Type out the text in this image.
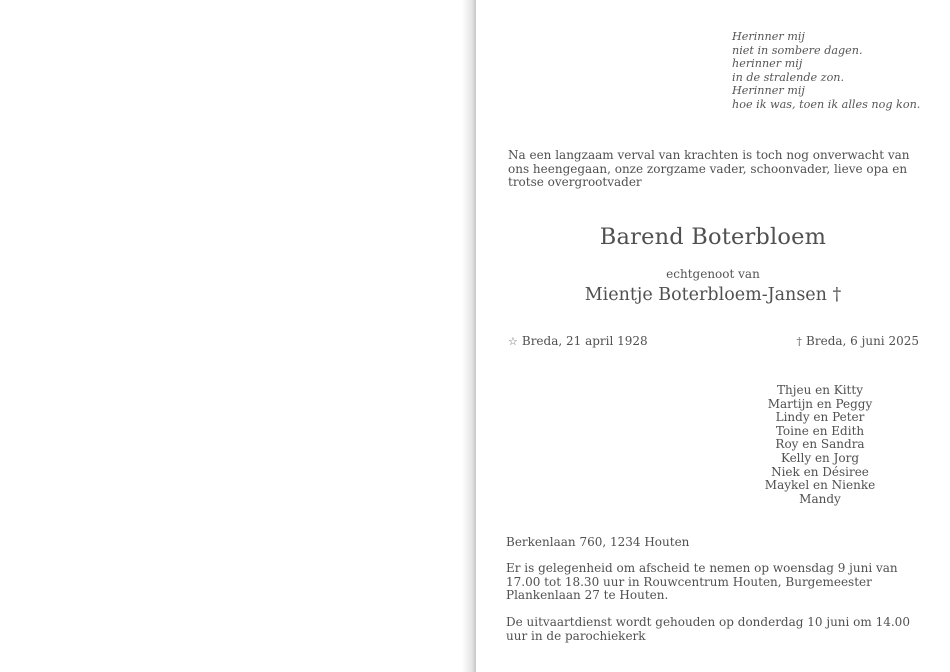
Herinner mij
niet in sombere dagen.
herinner mij
in de stralende zon.
Herinner mij
hoe ik was, toen ik alles nog kon.
Na een langzaam verval van krachten is toch nog onverwacht van ons heengegaan, onze zorgzame vader, schoonvader, lieve opa en trotse overgrootvader
Barend Boterbloem
echtgenoot van
Mientje Boterbloem-Jansen †
☆ Breda, 21 april 1928	† Breda, 6 juni 2025
Thjeu en Kitty
Martijn en Peggy
Lindy en Peter
Toine en Edith
Roy en Sandra
Kelly en Jorg
Niek en Désiree
Maykel en Nienke
Mandy
Berkenlaan 760, 1234 Houten
Er is gelegenheid om afscheid te nemen op woensdag 9 juni van 17.00 tot 18.30 uur in Rouwcentrum Houten, Burgemeester Plankenlaan 27 te Houten.
De uitvaartdienst wordt gehouden op donderdag 10 juni om 14.00 uur in de parochiekerk
